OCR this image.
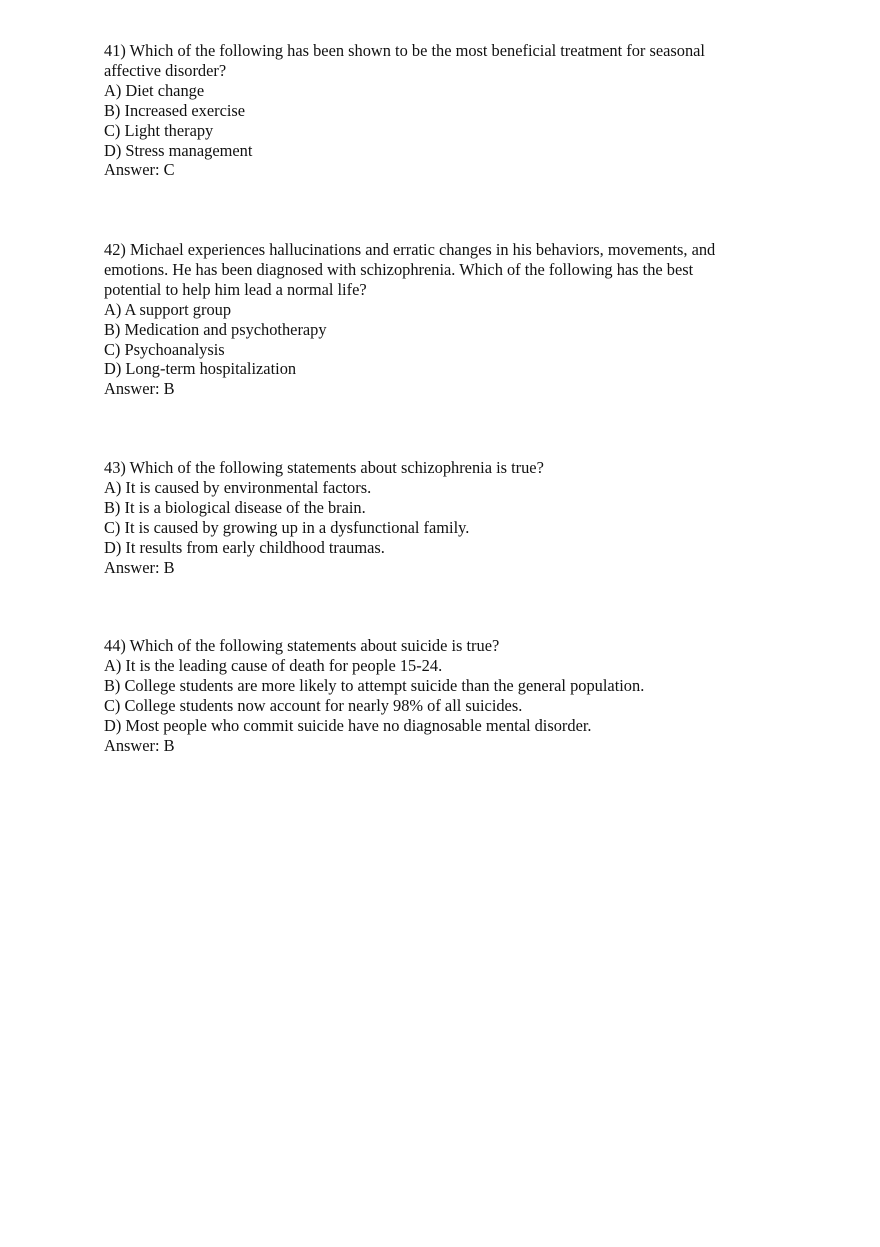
41) Which of the following has been shown to be the most beneficial treatment for seasonal
affective disorder?
A) Diet change
B) Increased exercise
C) Light therapy
D) Stress management
Answer: C
42) Michael experiences hallucinations and erratic changes in his behaviors, movements, and
emotions. He has been diagnosed with schizophrenia. Which of the following has the best
potential to help him lead a normal life?
A) A support group
B) Medication and psychotherapy
C) Psychoanalysis
D) Long-term hospitalization
Answer: B
43) Which of the following statements about schizophrenia is true?
A) It is caused by environmental factors.
B) It is a biological disease of the brain.
C) It is caused by growing up in a dysfunctional family.
D) It results from early childhood traumas.
Answer: B
44) Which of the following statements about suicide is true?
A) It is the leading cause of death for people 15-24.
B) College students are more likely to attempt suicide than the general population.
C) College students now account for nearly 98% of all suicides.
D) Most people who commit suicide have no diagnosable mental disorder.
Answer: B
